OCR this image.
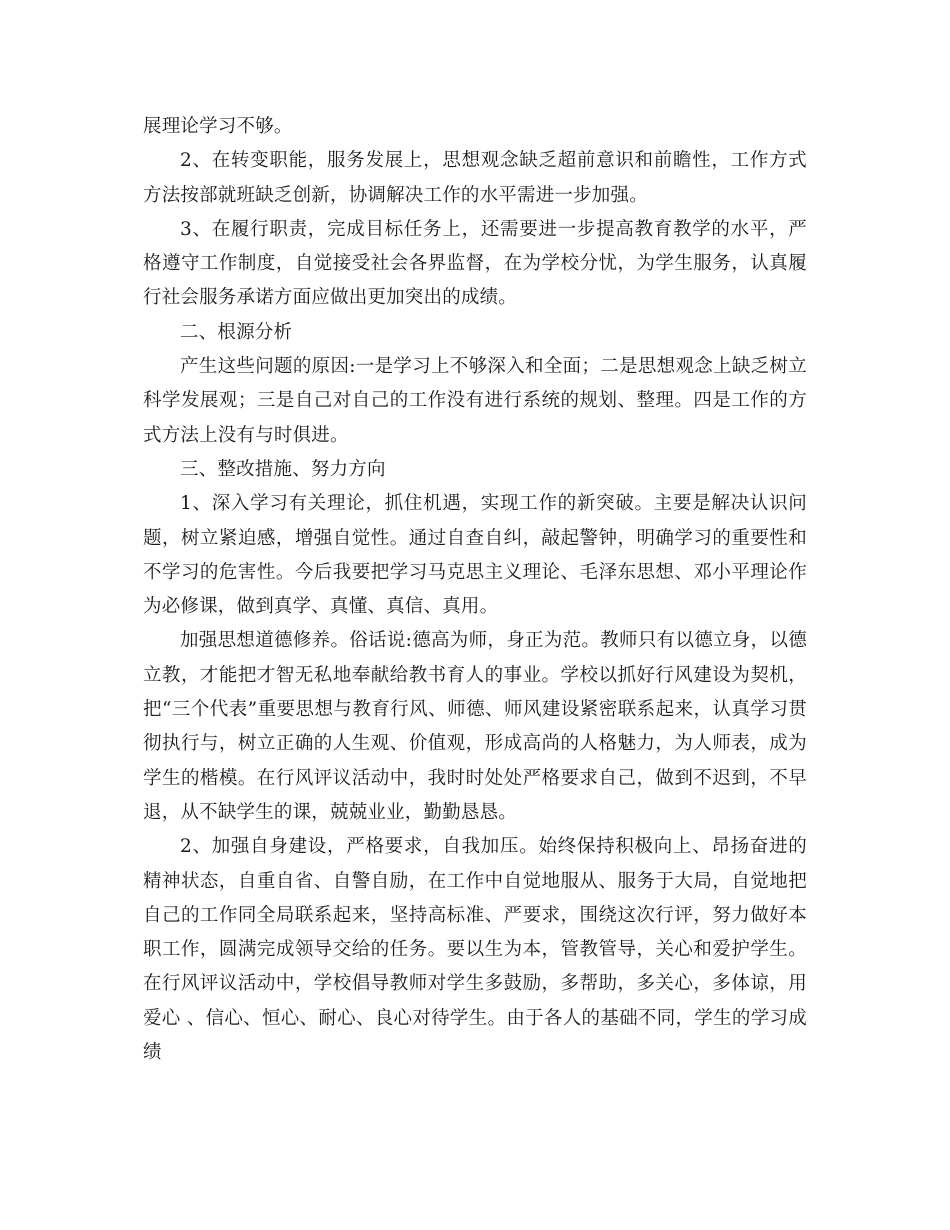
展理论学习不够。

2、在转变职能，服务发展上，思想观念缺乏超前意识和前瞻性，工作方式方法按部就班缺乏创新，协调解决工作的水平需进一步加强。

3、在履行职责，完成目标任务上，还需要进一步提高教育教学的水平，严格遵守工作制度，自觉接受社会各界监督，在为学校分忧，为学生服务，认真履行社会服务承诺方面应做出更加突出的成绩。

二、根源分析

产生这些问题的原因:一是学习上不够深入和全面；二是思想观念上缺乏树立科学发展观；三是自己对自己的工作没有进行系统的规划、整理。四是工作的方式方法上没有与时俱进。

三、整改措施、努力方向

1、深入学习有关理论，抓住机遇，实现工作的新突破。主要是解决认识问题，树立紧迫感，增强自觉性。通过自查自纠，敲起警钟，明确学习的重要性和不学习的危害性。今后我要把学习马克思主义理论、毛泽东思想、邓小平理论作为必修课，做到真学、真懂、真信、真用。

加强思想道德修养。俗话说:德高为师，身正为范。教师只有以德立身，以德立教，才能把才智无私地奉献给教书育人的事业。学校以抓好行风建设为契机，把“三个代表”重要思想与教育行风、师德、师风建设紧密联系起来，认真学习贯彻执行与，树立正确的人生观、价值观，形成高尚的人格魅力，为人师表，成为学生的楷模。在行风评议活动中，我时时处处严格要求自己，做到不迟到，不早退，从不缺学生的课，兢兢业业，勤勤恳恳。

2、加强自身建设，严格要求，自我加压。始终保持积极向上、昂扬奋进的精神状态，自重自省、自警自励，在工作中自觉地服从、服务于大局，自觉地把自己的工作同全局联系起来，坚持高标准、严要求，围绕这次行评，努力做好本职工作，圆满完成领导交给的任务。要以生为本，管教管导，关心和爱护学生。在行风评议活动中，学校倡导教师对学生多鼓励，多帮助，多关心，多体谅，用爱心 、信心、恒心、耐心、良心对待学生。由于各人的基础不同，学生的学习成绩
